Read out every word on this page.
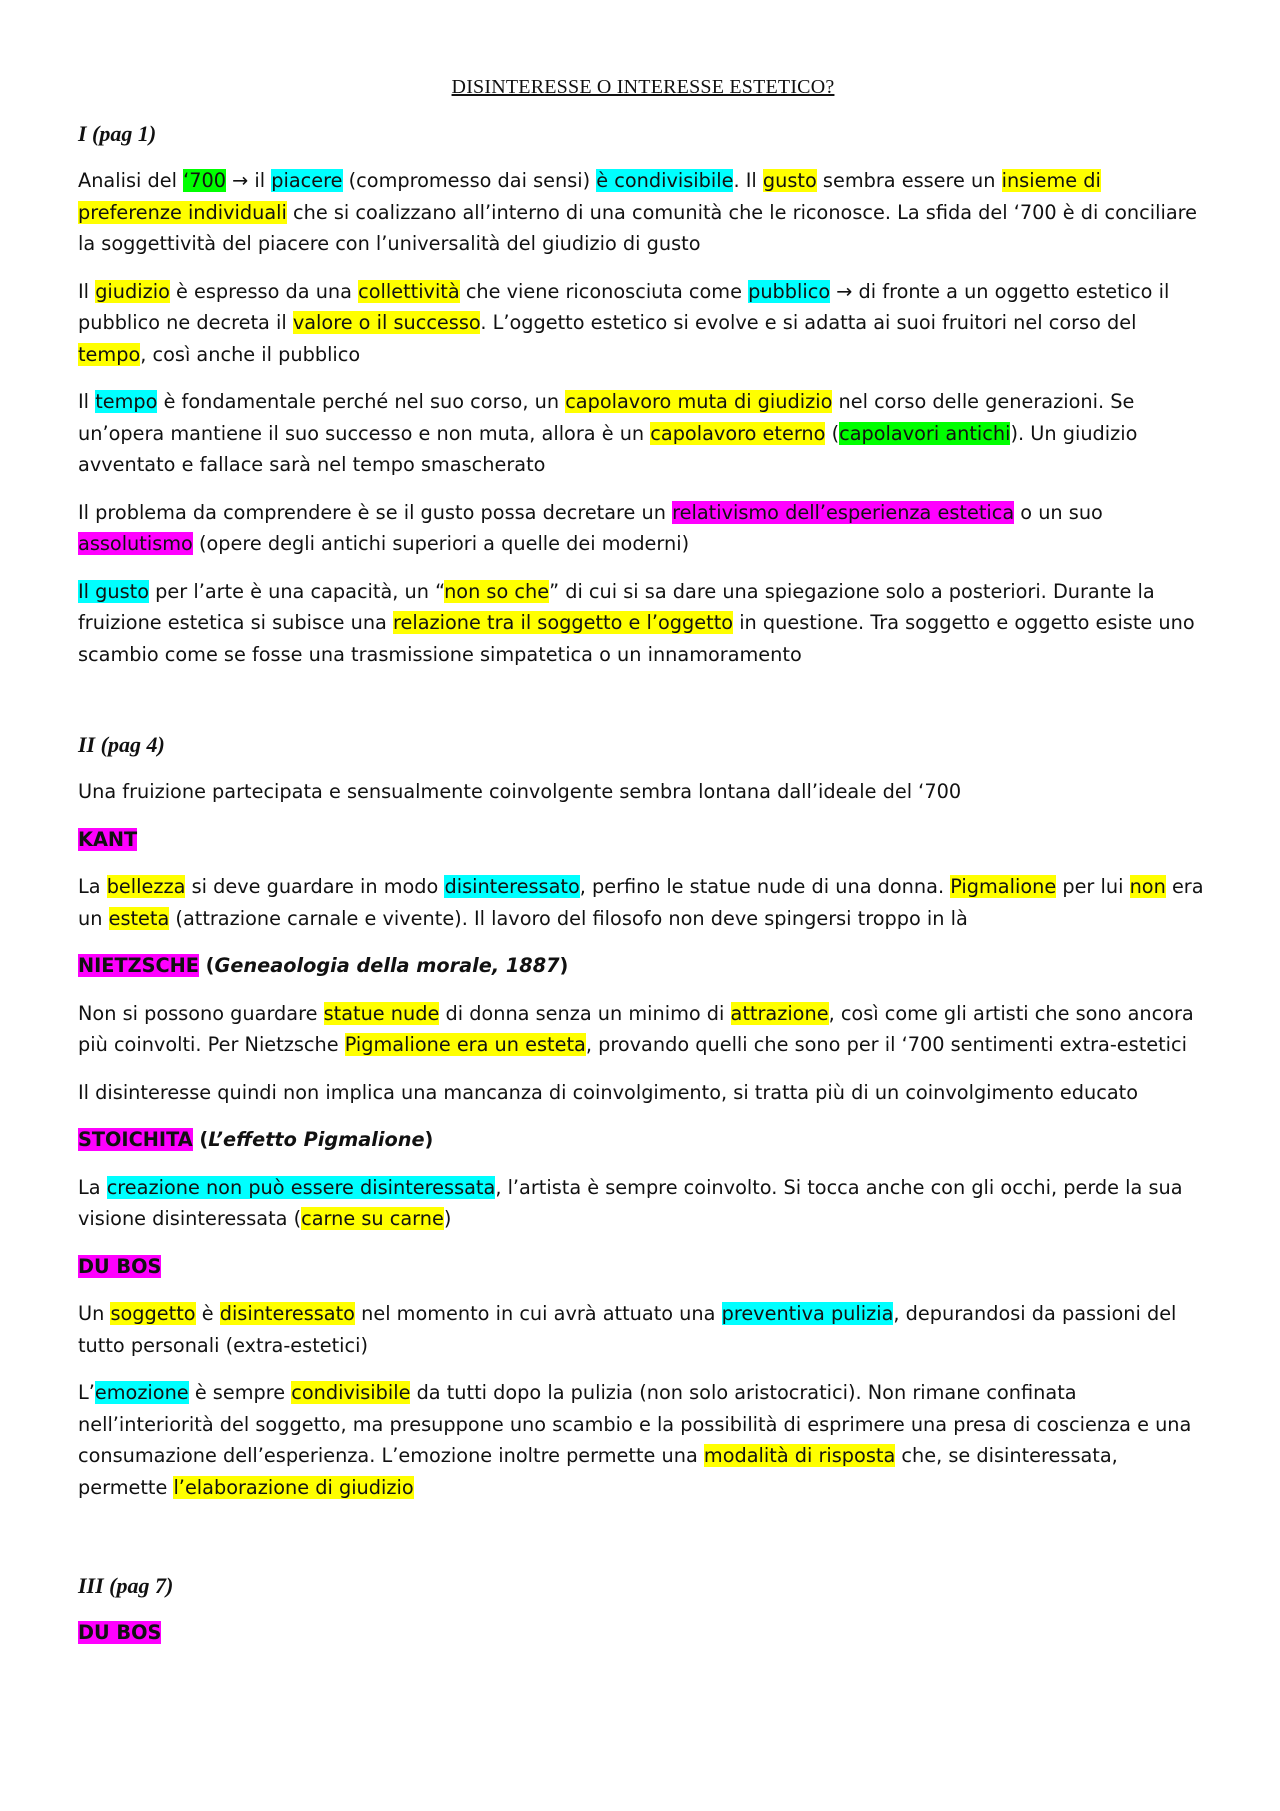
DISINTERESSE O INTERESSE ESTETICO?
I (pag 1)

Analisi del ‘700 → il piacere (compromesso dai sensi) è condivisibile. Il gusto sembra essere un insieme di preferenze individuali che si coalizzano all’interno di una comunità che le riconosce. La sfida del ‘700 è di conciliare la soggettività del piacere con l’universalità del giudizio di gusto

Il giudizio è espresso da una collettività che viene riconosciuta come pubblico → di fronte a un oggetto estetico il pubblico ne decreta il valore o il successo. L’oggetto estetico si evolve e si adatta ai suoi fruitori nel corso del tempo, così anche il pubblico

Il tempo è fondamentale perché nel suo corso, un capolavoro muta di giudizio nel corso delle generazioni. Se un’opera mantiene il suo successo e non muta, allora è un capolavoro eterno (capolavori antichi). Un giudizio avventato e fallace sarà nel tempo smascherato

Il problema da comprendere è se il gusto possa decretare un relativismo dell’esperienza estetica o un suo assolutismo (opere degli antichi superiori a quelle dei moderni)

Il gusto per l’arte è una capacità, un “non so che” di cui si sa dare una spiegazione solo a posteriori. Durante la fruizione estetica si subisce una relazione tra il soggetto e l’oggetto in questione. Tra soggetto e oggetto esiste uno scambio come se fosse una trasmissione simpatetica o un innamoramento

II (pag 4)

Una fruizione partecipata e sensualmente coinvolgente sembra lontana dall’ideale del ‘700

KANT

La bellezza si deve guardare in modo disinteressato, perfino le statue nude di una donna. Pigmalione per lui non era un esteta (attrazione carnale e vivente). Il lavoro del filosofo non deve spingersi troppo in là

NIETZSCHE (Geneaologia della morale, 1887)

Non si possono guardare statue nude di donna senza un minimo di attrazione, così come gli artisti che sono ancora più coinvolti. Per Nietzsche Pigmalione era un esteta, provando quelli che sono per il ‘700 sentimenti extra-estetici

Il disinteresse quindi non implica una mancanza di coinvolgimento, si tratta più di un coinvolgimento educato

STOICHITA (L’effetto Pigmalione)

La creazione non può essere disinteressata, l’artista è sempre coinvolto. Si tocca anche con gli occhi, perde la sua visione disinteressata (carne su carne)

DU BOS

Un soggetto è disinteressato nel momento in cui avrà attuato una preventiva pulizia, depurandosi da passioni del tutto personali (extra-estetici)

L’emozione è sempre condivisibile da tutti dopo la pulizia (non solo aristocratici). Non rimane confinata nell’interiorità del soggetto, ma presuppone uno scambio e la possibilità di esprimere una presa di coscienza e una consumazione dell’esperienza. L’emozione inoltre permette una modalità di risposta che, se disinteressata, permette l’elaborazione di giudizio

III (pag 7)

DU BOS
